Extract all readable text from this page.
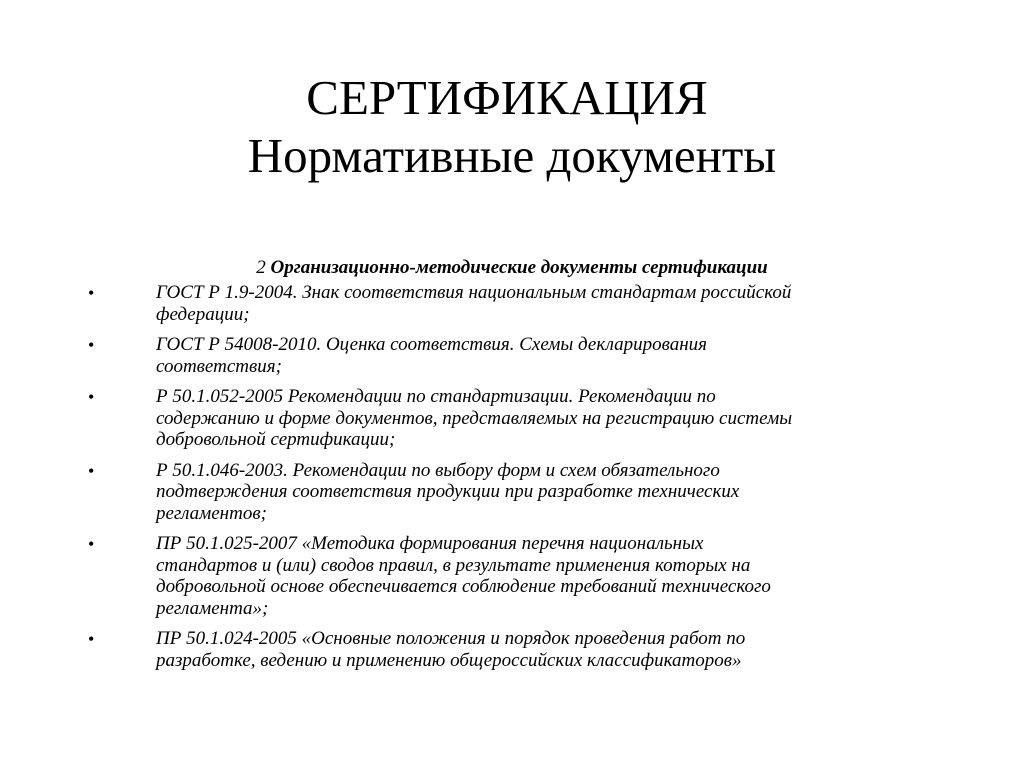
СЕРТИФИКАЦИЯ
Нормативные документы
2 Организационно-методические документы сертификации
•	ГОСТ Р 1.9-2004. Знак соответствия национальным стандартам российской
федерации;
•	ГОСТ Р 54008-2010. Оценка соответствия. Схемы декларирования
соответствия;
•	Р 50.1.052-2005 Рекомендации по стандартизации. Рекомендации по
содержанию и форме документов, представляемых на регистрацию системы
добровольной сертификации;
•	Р 50.1.046-2003. Рекомендации по выбору форм и схем обязательного
подтверждения соответствия продукции при разработке технических
регламентов;
•	ПР 50.1.025-2007 «Методика формирования перечня национальных
стандартов и (или) сводов правил, в результате применения которых на
добровольной основе обеспечивается соблюдение требований технического
регламента»;
•	ПР 50.1.024-2005 «Основные положения и порядок проведения работ по
разработке, ведению и применению общероссийских классификаторов»
